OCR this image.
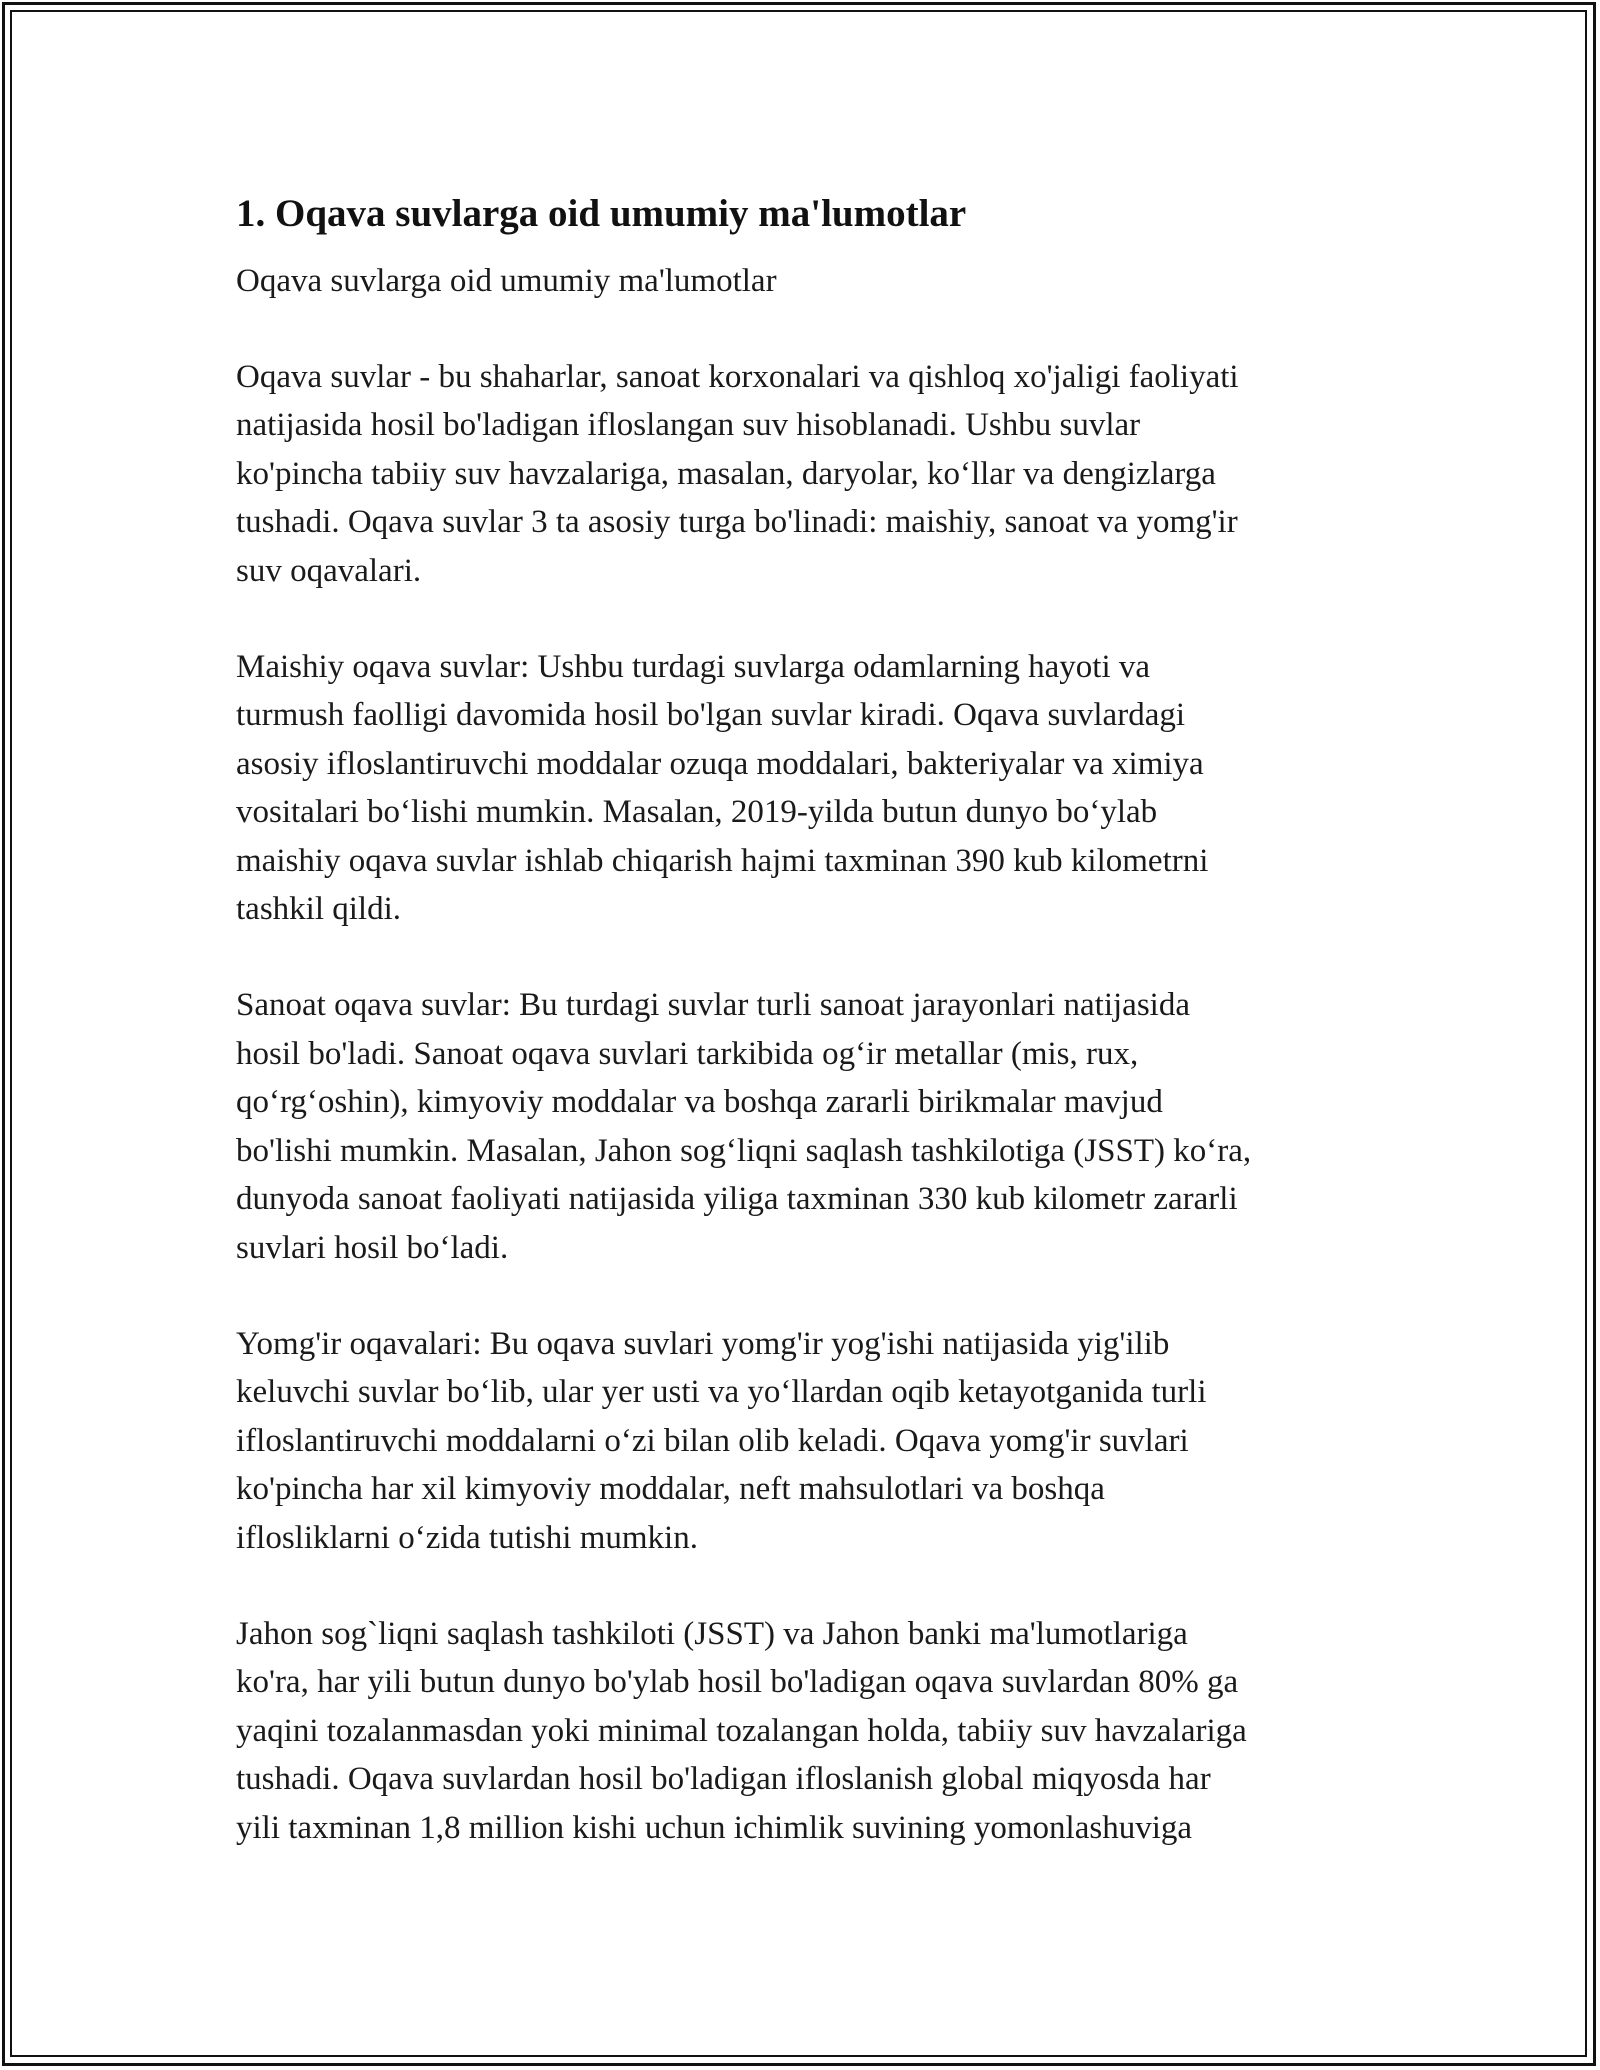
1. Oqava suvlarga oid umumiy ma'lumotlar

Oqava suvlarga oid umumiy ma'lumotlar

Oqava suvlar - bu shaharlar, sanoat korxonalari va qishloq xo'jaligi faoliyati
natijasida hosil bo'ladigan ifloslangan suv hisoblanadi. Ushbu suvlar
ko'pincha tabiiy suv havzalariga, masalan, daryolar, ko‘llar va dengizlarga
tushadi. Oqava suvlar 3 ta asosiy turga bo'linadi: maishiy, sanoat va yomg'ir
suv oqavalari.

Maishiy oqava suvlar: Ushbu turdagi suvlarga odamlarning hayoti va
turmush faolligi davomida hosil bo'lgan suvlar kiradi. Oqava suvlardagi
asosiy ifloslantiruvchi moddalar ozuqa moddalari, bakteriyalar va ximiya
vositalari bo‘lishi mumkin. Masalan, 2019-yilda butun dunyo bo‘ylab
maishiy oqava suvlar ishlab chiqarish hajmi taxminan 390 kub kilometrni
tashkil qildi.

Sanoat oqava suvlar: Bu turdagi suvlar turli sanoat jarayonlari natijasida
hosil bo'ladi. Sanoat oqava suvlari tarkibida og‘ir metallar (mis, rux,
qo‘rg‘oshin), kimyoviy moddalar va boshqa zararli birikmalar mavjud
bo'lishi mumkin. Masalan, Jahon sog‘liqni saqlash tashkilotiga (JSST) ko‘ra,
dunyoda sanoat faoliyati natijasida yiliga taxminan 330 kub kilometr zararli
suvlari hosil bo‘ladi.

Yomg'ir oqavalari: Bu oqava suvlari yomg'ir yog'ishi natijasida yig'ilib
keluvchi suvlar bo‘lib, ular yer usti va yo‘llardan oqib ketayotganida turli
ifloslantiruvchi moddalarni o‘zi bilan olib keladi. Oqava yomg'ir suvlari
ko'pincha har xil kimyoviy moddalar, neft mahsulotlari va boshqa
iflosliklarni o‘zida tutishi mumkin.

Jahon sog`liqni saqlash tashkiloti (JSST) va Jahon banki ma'lumotlariga
ko'ra, har yili butun dunyo bo'ylab hosil bo'ladigan oqava suvlardan 80% ga
yaqini tozalanmasdan yoki minimal tozalangan holda, tabiiy suv havzalariga
tushadi. Oqava suvlardan hosil bo'ladigan ifloslanish global miqyosda har
yili taxminan 1,8 million kishi uchun ichimlik suvining yomonlashuviga
